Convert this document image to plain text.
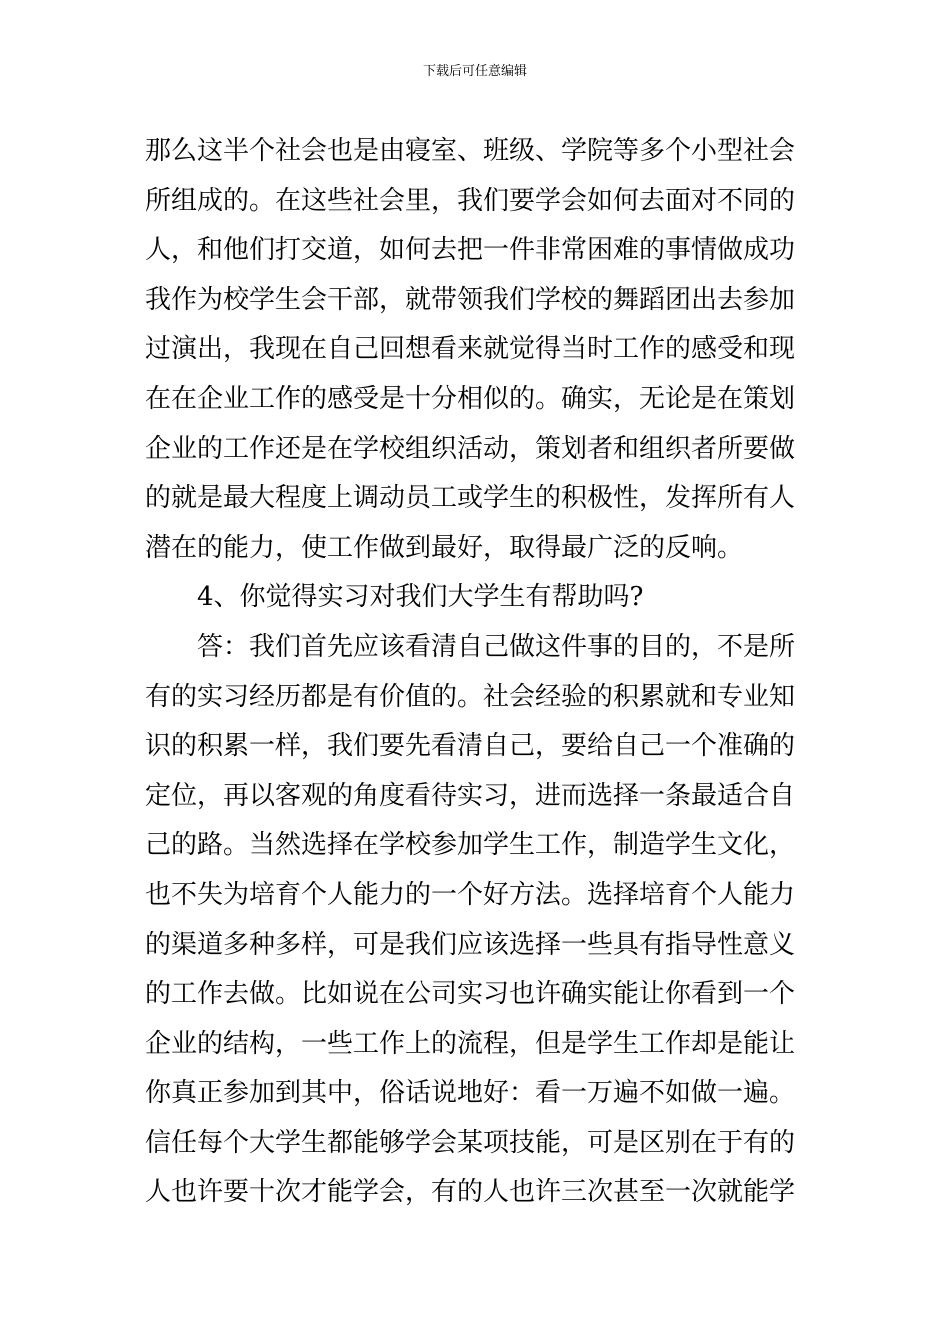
下载后可任意编辑
那么这半个社会也是由寝室、班级、学院等多个小型社会
所组成的。在这些社会里，我们要学会如何去面对不同的
人，和他们打交道，如何去把一件非常困难的事情做成功
我作为校学生会干部，就带领我们学校的舞蹈团出去参加
过演出，我现在自己回想看来就觉得当时工作的感受和现
在在企业工作的感受是十分相似的。确实，无论是在策划
企业的工作还是在学校组织活动，策划者和组织者所要做
的就是最大程度上调动员工或学生的积极性，发挥所有人
潜在的能力，使工作做到最好，取得最广泛的反响。
4、你觉得实习对我们大学生有帮助吗?
答：我们首先应该看清自己做这件事的目的，不是所
有的实习经历都是有价值的。社会经验的积累就和专业知
识的积累一样，我们要先看清自己，要给自己一个准确的
定位，再以客观的角度看待实习，进而选择一条最适合自
己的路。当然选择在学校参加学生工作，制造学生文化，
也不失为培育个人能力的一个好方法。选择培育个人能力
的渠道多种多样，可是我们应该选择一些具有指导性意义
的工作去做。比如说在公司实习也许确实能让你看到一个
企业的结构，一些工作上的流程，但是学生工作却是能让
你真正参加到其中，俗话说地好：看一万遍不如做一遍。
信任每个大学生都能够学会某项技能，可是区别在于有的
人也许要十次才能学会，有的人也许三次甚至一次就能学
